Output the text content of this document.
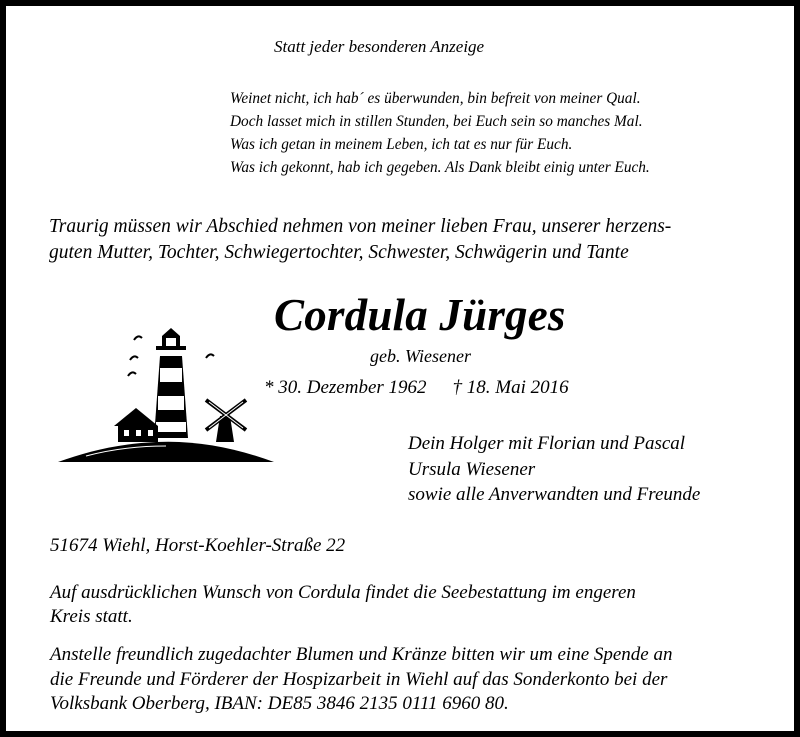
Statt jeder besonderen Anzeige
Weinet nicht, ich hab´ es überwunden, bin befreit von meiner Qual.
Doch lasset mich in stillen Stunden, bei Euch sein so manches Mal.
Was ich getan in meinem Leben, ich tat es nur für Euch.
Was ich gekonnt, hab ich gegeben. Als Dank bleibt einig unter Euch.
Traurig müssen wir Abschied nehmen von meiner lieben Frau, unserer herzens-
guten Mutter, Tochter, Schwiegertochter, Schwester, Schwägerin und Tante
Cordula Jürges
geb. Wiesener
* 30. Dezember 1962 † 18. Mai 2016
Dein Holger mit Florian und Pascal
Ursula Wiesener
sowie alle Anverwandten und Freunde
51674 Wiehl, Horst-Koehler-Straße 22
Auf ausdrücklichen Wunsch von Cordula findet die Seebestattung im engeren
Kreis statt.
Anstelle freundlich zugedachter Blumen und Kränze bitten wir um eine Spende an
die Freunde und Förderer der Hospizarbeit in Wiehl auf das Sonderkonto bei der
Volksbank Oberberg, IBAN: DE85 3846 2135 0111 6960 80.
